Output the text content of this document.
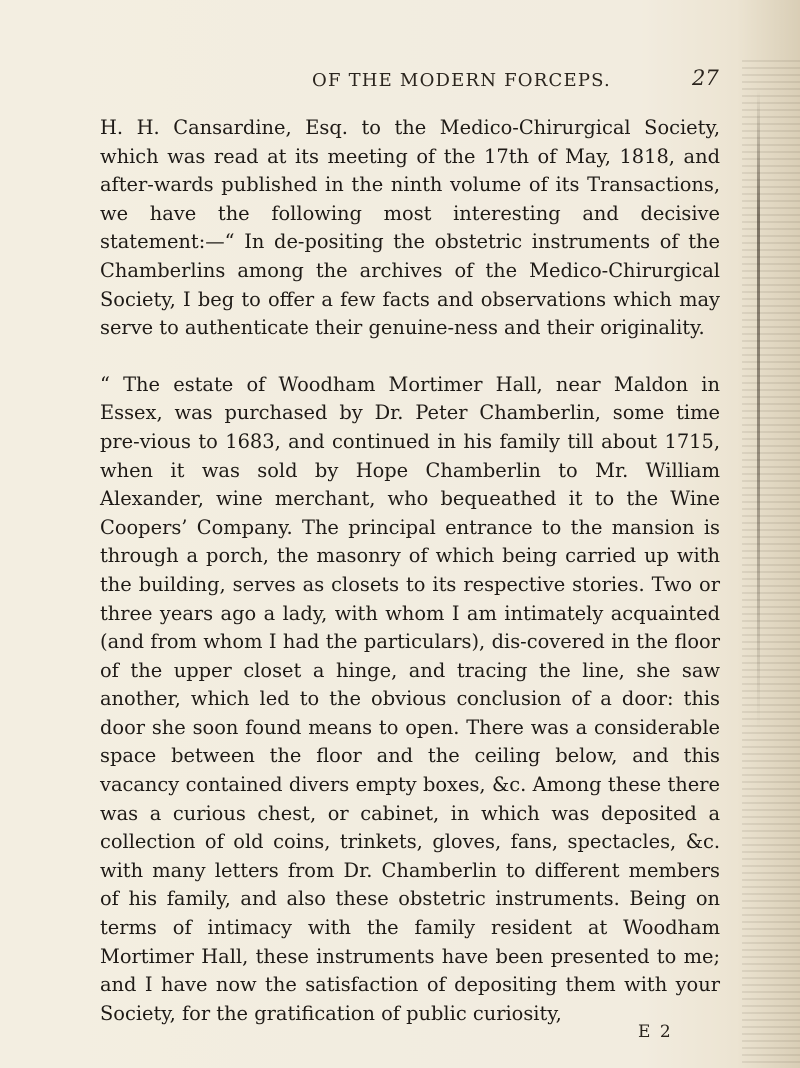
OF THE MODERN FORCEPS.	27

H. H. Cansardine, Esq. to the Medico-Chirurgical Society, which was read at its meeting of the 17th of May, 1818, and after-wards published in the ninth volume of its Transactions, we have the following most interesting and decisive statement:—“ In de-positing the obstetric instruments of the Chamberlins among the archives of the Medico-Chirurgical Society, I beg to offer a few facts and observations which may serve to authenticate their genuine-ness and their originality.

“ The estate of Woodham Mortimer Hall, near Maldon in Essex, was purchased by Dr. Peter Chamberlin, some time pre-vious to 1683, and continued in his family till about 1715, when it was sold by Hope Chamberlin to Mr. William Alexander, wine merchant, who bequeathed it to the Wine Coopers’ Company. The principal entrance to the mansion is through a porch, the masonry of which being carried up with the building, serves as closets to its respective stories. Two or three years ago a lady, with whom I am intimately acquainted (and from whom I had the particulars), dis-covered in the floor of the upper closet a hinge, and tracing the line, she saw another, which led to the obvious conclusion of a door: this door she soon found means to open. There was a considerable space between the floor and the ceiling below, and this vacancy contained divers empty boxes, &c. Among these there was a curious chest, or cabinet, in which was deposited a collection of old coins, trinkets, gloves, fans, spectacles, &c. with many letters from Dr. Chamberlin to different members of his family, and also these obstetric instruments. Being on terms of intimacy with the family resident at Woodham Mortimer Hall, these instruments have been presented to me; and I have now the satisfaction of depositing them with your Society, for the gratification of public curiosity,

E 2
